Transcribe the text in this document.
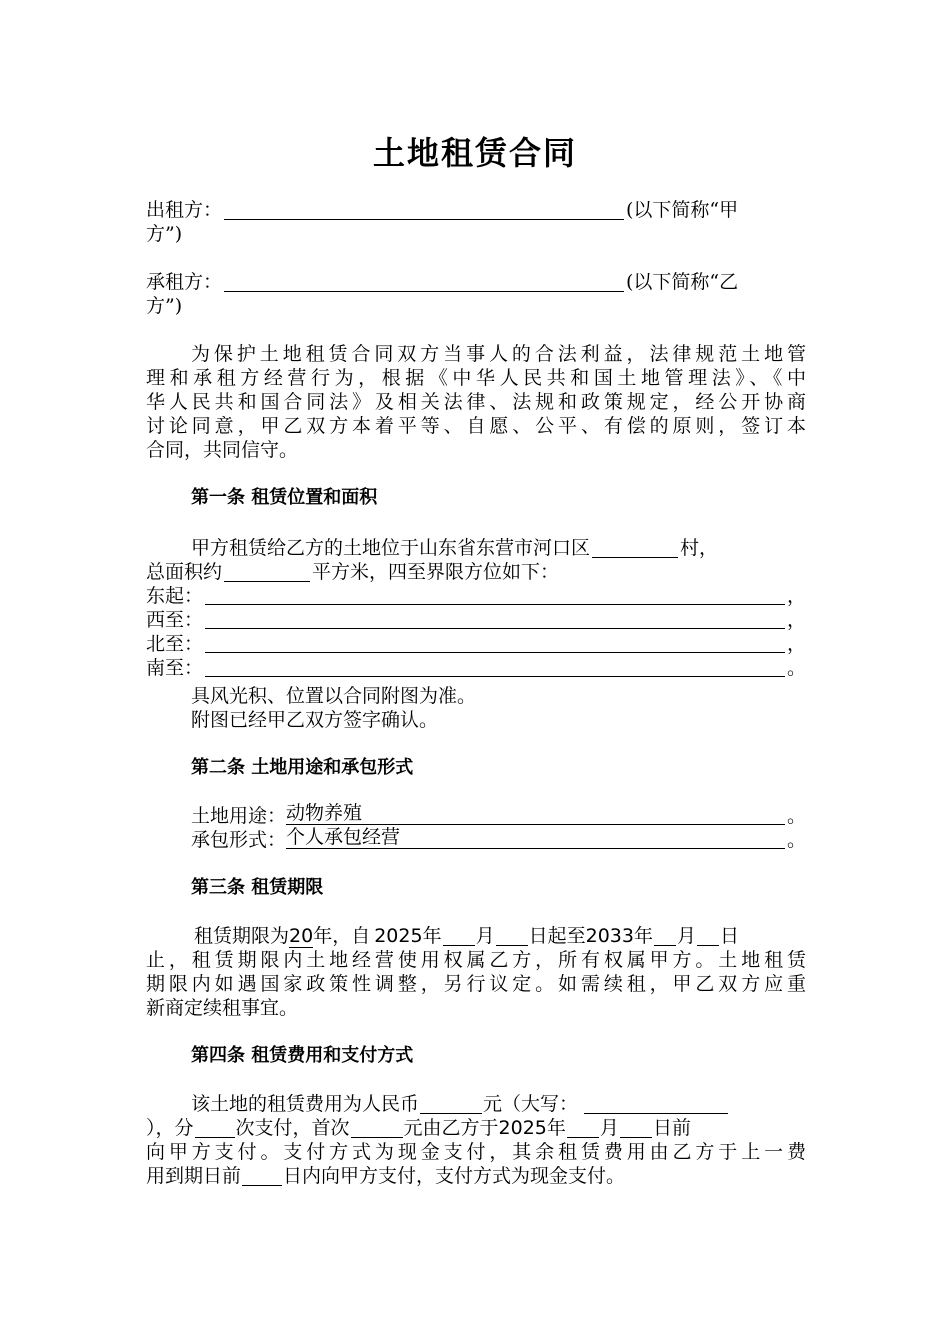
土地租赁合同
出租方：	(以下简称“甲
方”)
承租方：	(以下简称“乙
方”)
为保护土地租赁合同双方当事人的合法利益，法律规范土地管
理和承租方经营行为，根据《中华人民共和国土地管理法》、《中
华人民共和国合同法》及相关法律、法规和政策规定，经公开协商
讨论同意，甲乙双方本着平等、自愿、公平、有偿的原则，签订本
合同，共同信守。
第一条 租赁位置和面积
甲方租赁给乙方的土地位于山东省东营市河口区	村，
总面积约	平方米，四至界限方位如下：
东起：	，
西至：	，
北至：	，
南至：	。
具风光积、位置以合同附图为准。
附图已经甲乙双方签字确认。
第二条 土地用途和承包形式
土地用途： 动物养殖	。
承包形式： 个人承包经营	。
第三条 租赁期限
租赁期限为 20 年，自 2025 年 月 日起至 2033 年 月 日
止，租赁期限内土地经营使用权属乙方，所有权属甲方。土地租赁
期限内如遇国家政策性调整，另行议定。如需续租，甲乙双方应重
新商定续租事宜。
第四条 租赁费用和支付方式
该土地的租赁费用为人民币	元（大写：
），分 次支付，首次	元由乙方于 2025 年 月 日前
向甲方支付。支付方式为现金支付，其余租赁费用由乙方于上一费
用到期日前 日内向甲方支付，支付方式为现金支付。
